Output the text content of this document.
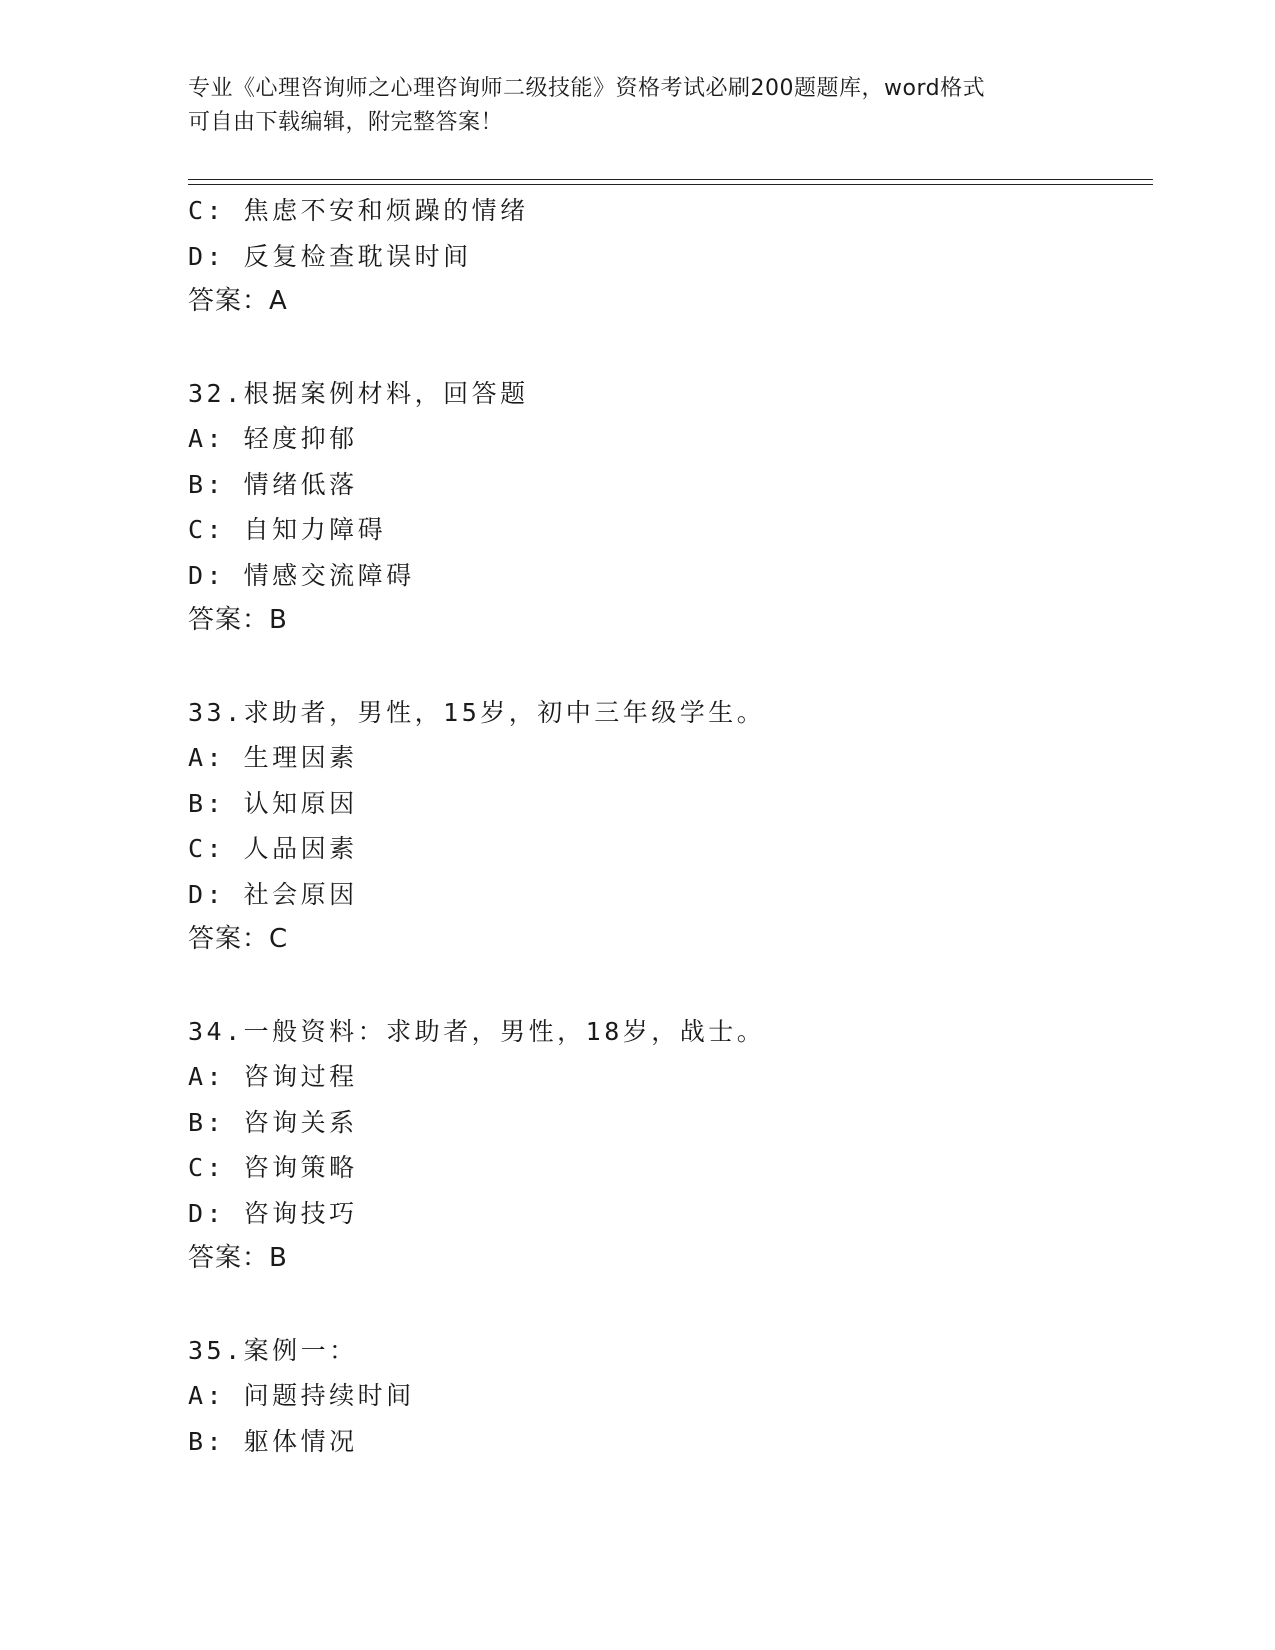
专业《心理咨询师之心理咨询师二级技能》资格考试必刷200题题库，word格式
可自由下载编辑，附完整答案！
C: 焦虑不安和烦躁的情绪
D: 反复检查耽误时间
答案：A
32.根据案例材料，回答题
A: 轻度抑郁
B: 情绪低落
C: 自知力障碍
D: 情感交流障碍
答案：B
33.求助者，男性，15岁，初中三年级学生。
A: 生理因素
B: 认知原因
C: 人品因素
D: 社会原因
答案：C
34.一般资料：求助者，男性，18岁，战士。
A: 咨询过程
B: 咨询关系
C: 咨询策略
D: 咨询技巧
答案：B
35.案例一：
A: 问题持续时间
B: 躯体情况
